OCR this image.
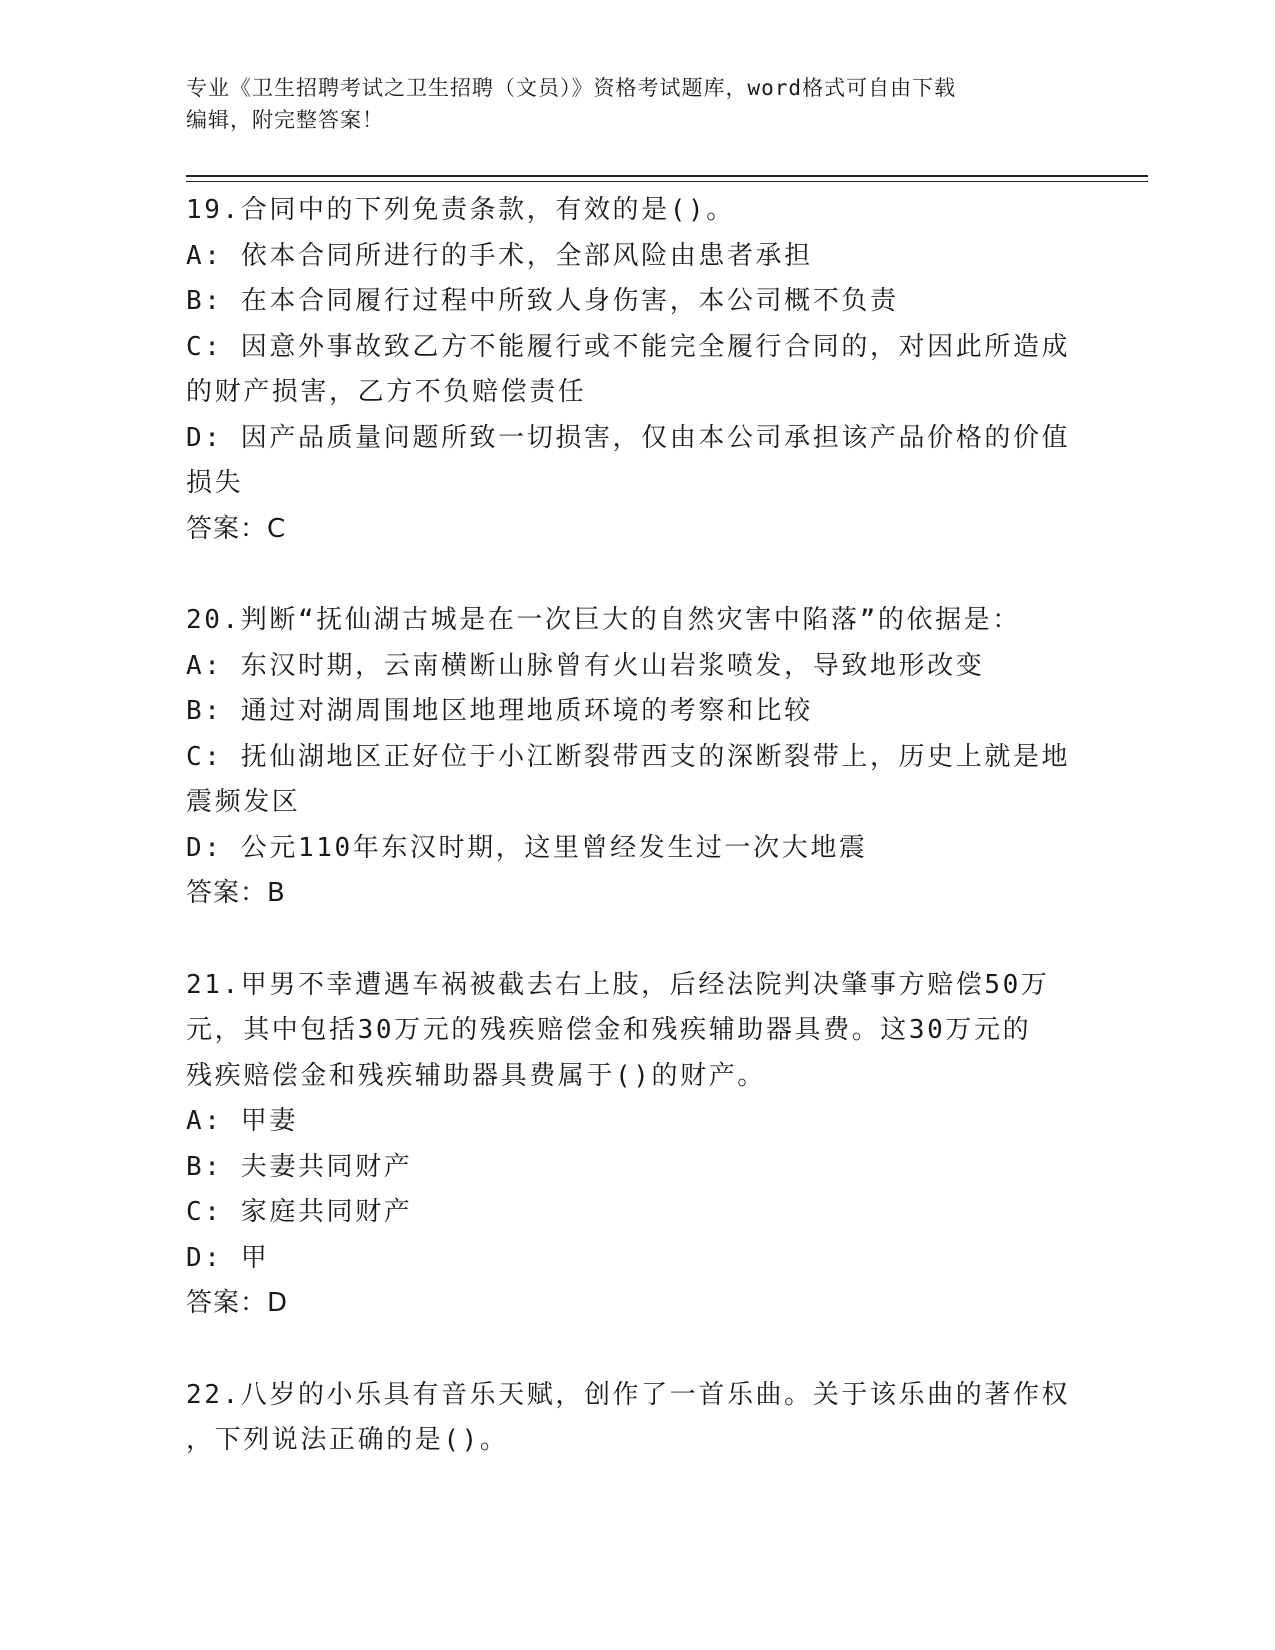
专业《卫生招聘考试之卫生招聘（文员）》资格考试题库，word格式可自由下载
编辑，附完整答案！
19.合同中的下列免责条款，有效的是()。
A: 依本合同所进行的手术，全部风险由患者承担
B: 在本合同履行过程中所致人身伤害，本公司概不负责
C: 因意外事故致乙方不能履行或不能完全履行合同的，对因此所造成
的财产损害，乙方不负赔偿责任
D: 因产品质量问题所致一切损害，仅由本公司承担该产品价格的价值
损失
答案：C
20.判断“抚仙湖古城是在一次巨大的自然灾害中陷落”的依据是：
A: 东汉时期，云南横断山脉曾有火山岩浆喷发，导致地形改变
B: 通过对湖周围地区地理地质环境的考察和比较
C: 抚仙湖地区正好位于小江断裂带西支的深断裂带上，历史上就是地
震频发区
D: 公元110年东汉时期，这里曾经发生过一次大地震
答案：B
21.甲男不幸遭遇车祸被截去右上肢，后经法院判决肇事方赔偿50万
元，其中包括30万元的残疾赔偿金和残疾辅助器具费。这30万元的
残疾赔偿金和残疾辅助器具费属于()的财产。
A: 甲妻
B: 夫妻共同财产
C: 家庭共同财产
D: 甲
答案：D
22.八岁的小乐具有音乐天赋，创作了一首乐曲。关于该乐曲的著作权
，下列说法正确的是()。
